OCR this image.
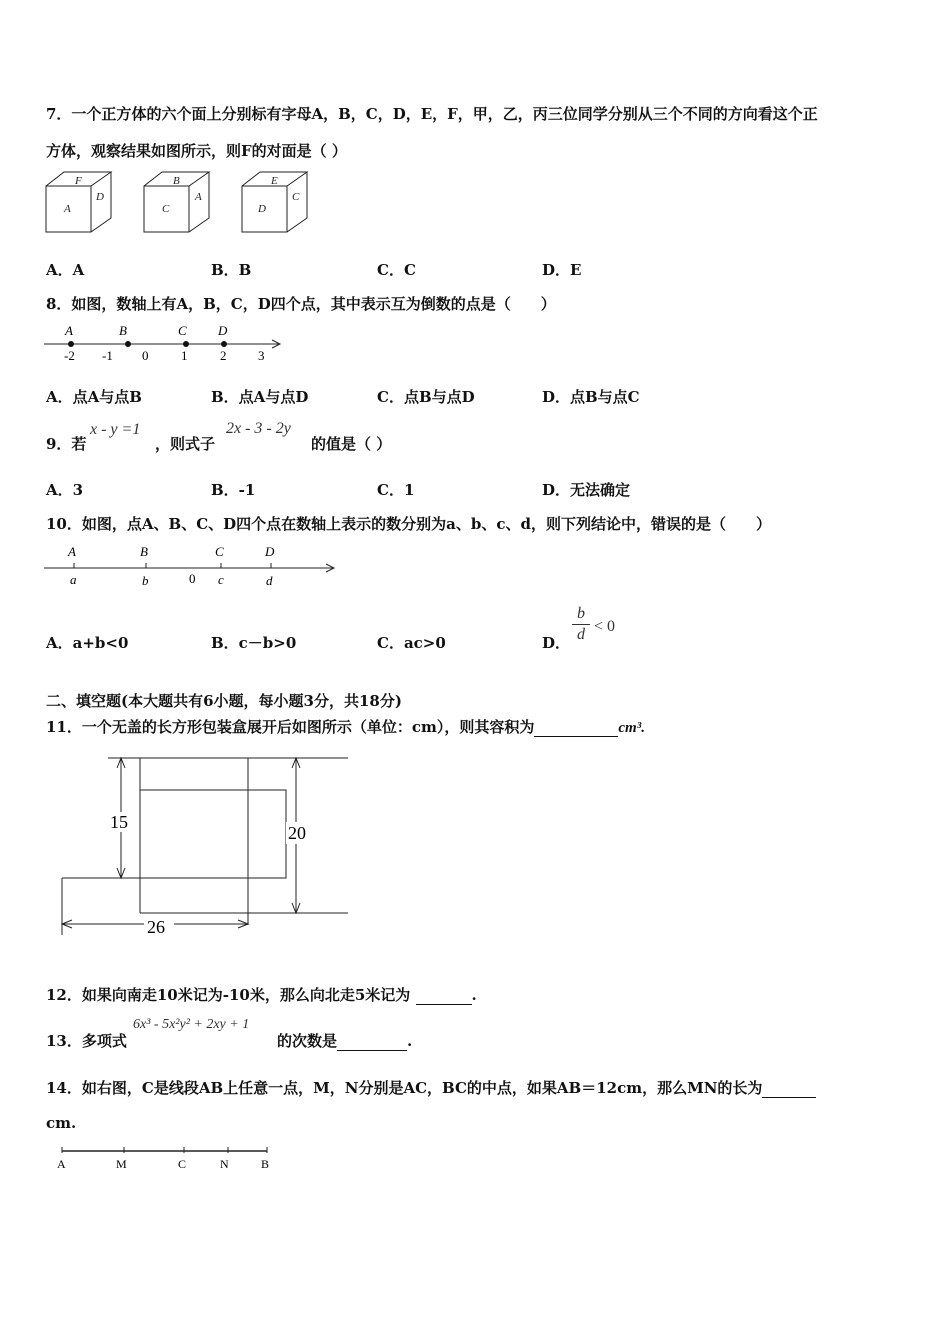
7．一个正方体的六个面上分别标有字母A，B，C，D，E，F，甲，乙，丙三位同学分别从三个不同的方向看这个正
方体，观察结果如图所示，则F的对面是（ ）
F
A
D
B
C
A
E
D
C
A．A	B．B	C．C	D．E
8．如图，数轴上有A，B，C，D四个点，其中表示互为倒数的点是（　　）
A	B	C D
-2 -1 0	1	2 3
A．点A与点B	B．点A与点D	C．点B与点D	D．点B与点C
9．若
x - y =1
，则式子
2x - 3 - 2y
的值是（ ）
A．3	B．-1	C．1	D．无法确定
10．如图，点A、B、C、D四个点在数轴上表示的数分别为a、b、c、d，则下列结论中，错误的是（　　）
A	B	C	D
a	b	0 c	d
A．a+b<0	B．c－b>0	C．ac>0	D．
b
d < 0
二、填空题(本大题共有6小题，每小题3分，共18分)
11．一个无盖的长方形包装盒展开后如图所示（单位：cm），则其容积为	cm³.
15
20
26
12．如果向南走10米记为-10米，那么向北走5米记为	.
13．多项式
6x³ - 5x²y² + 2xy + 1
的次数是	.
14．如右图，C是线段AB上任意一点，M，N分别是AC，BC的中点，如果AB＝12cm，那么MN的长为
cm.
A	M	C	N	B
